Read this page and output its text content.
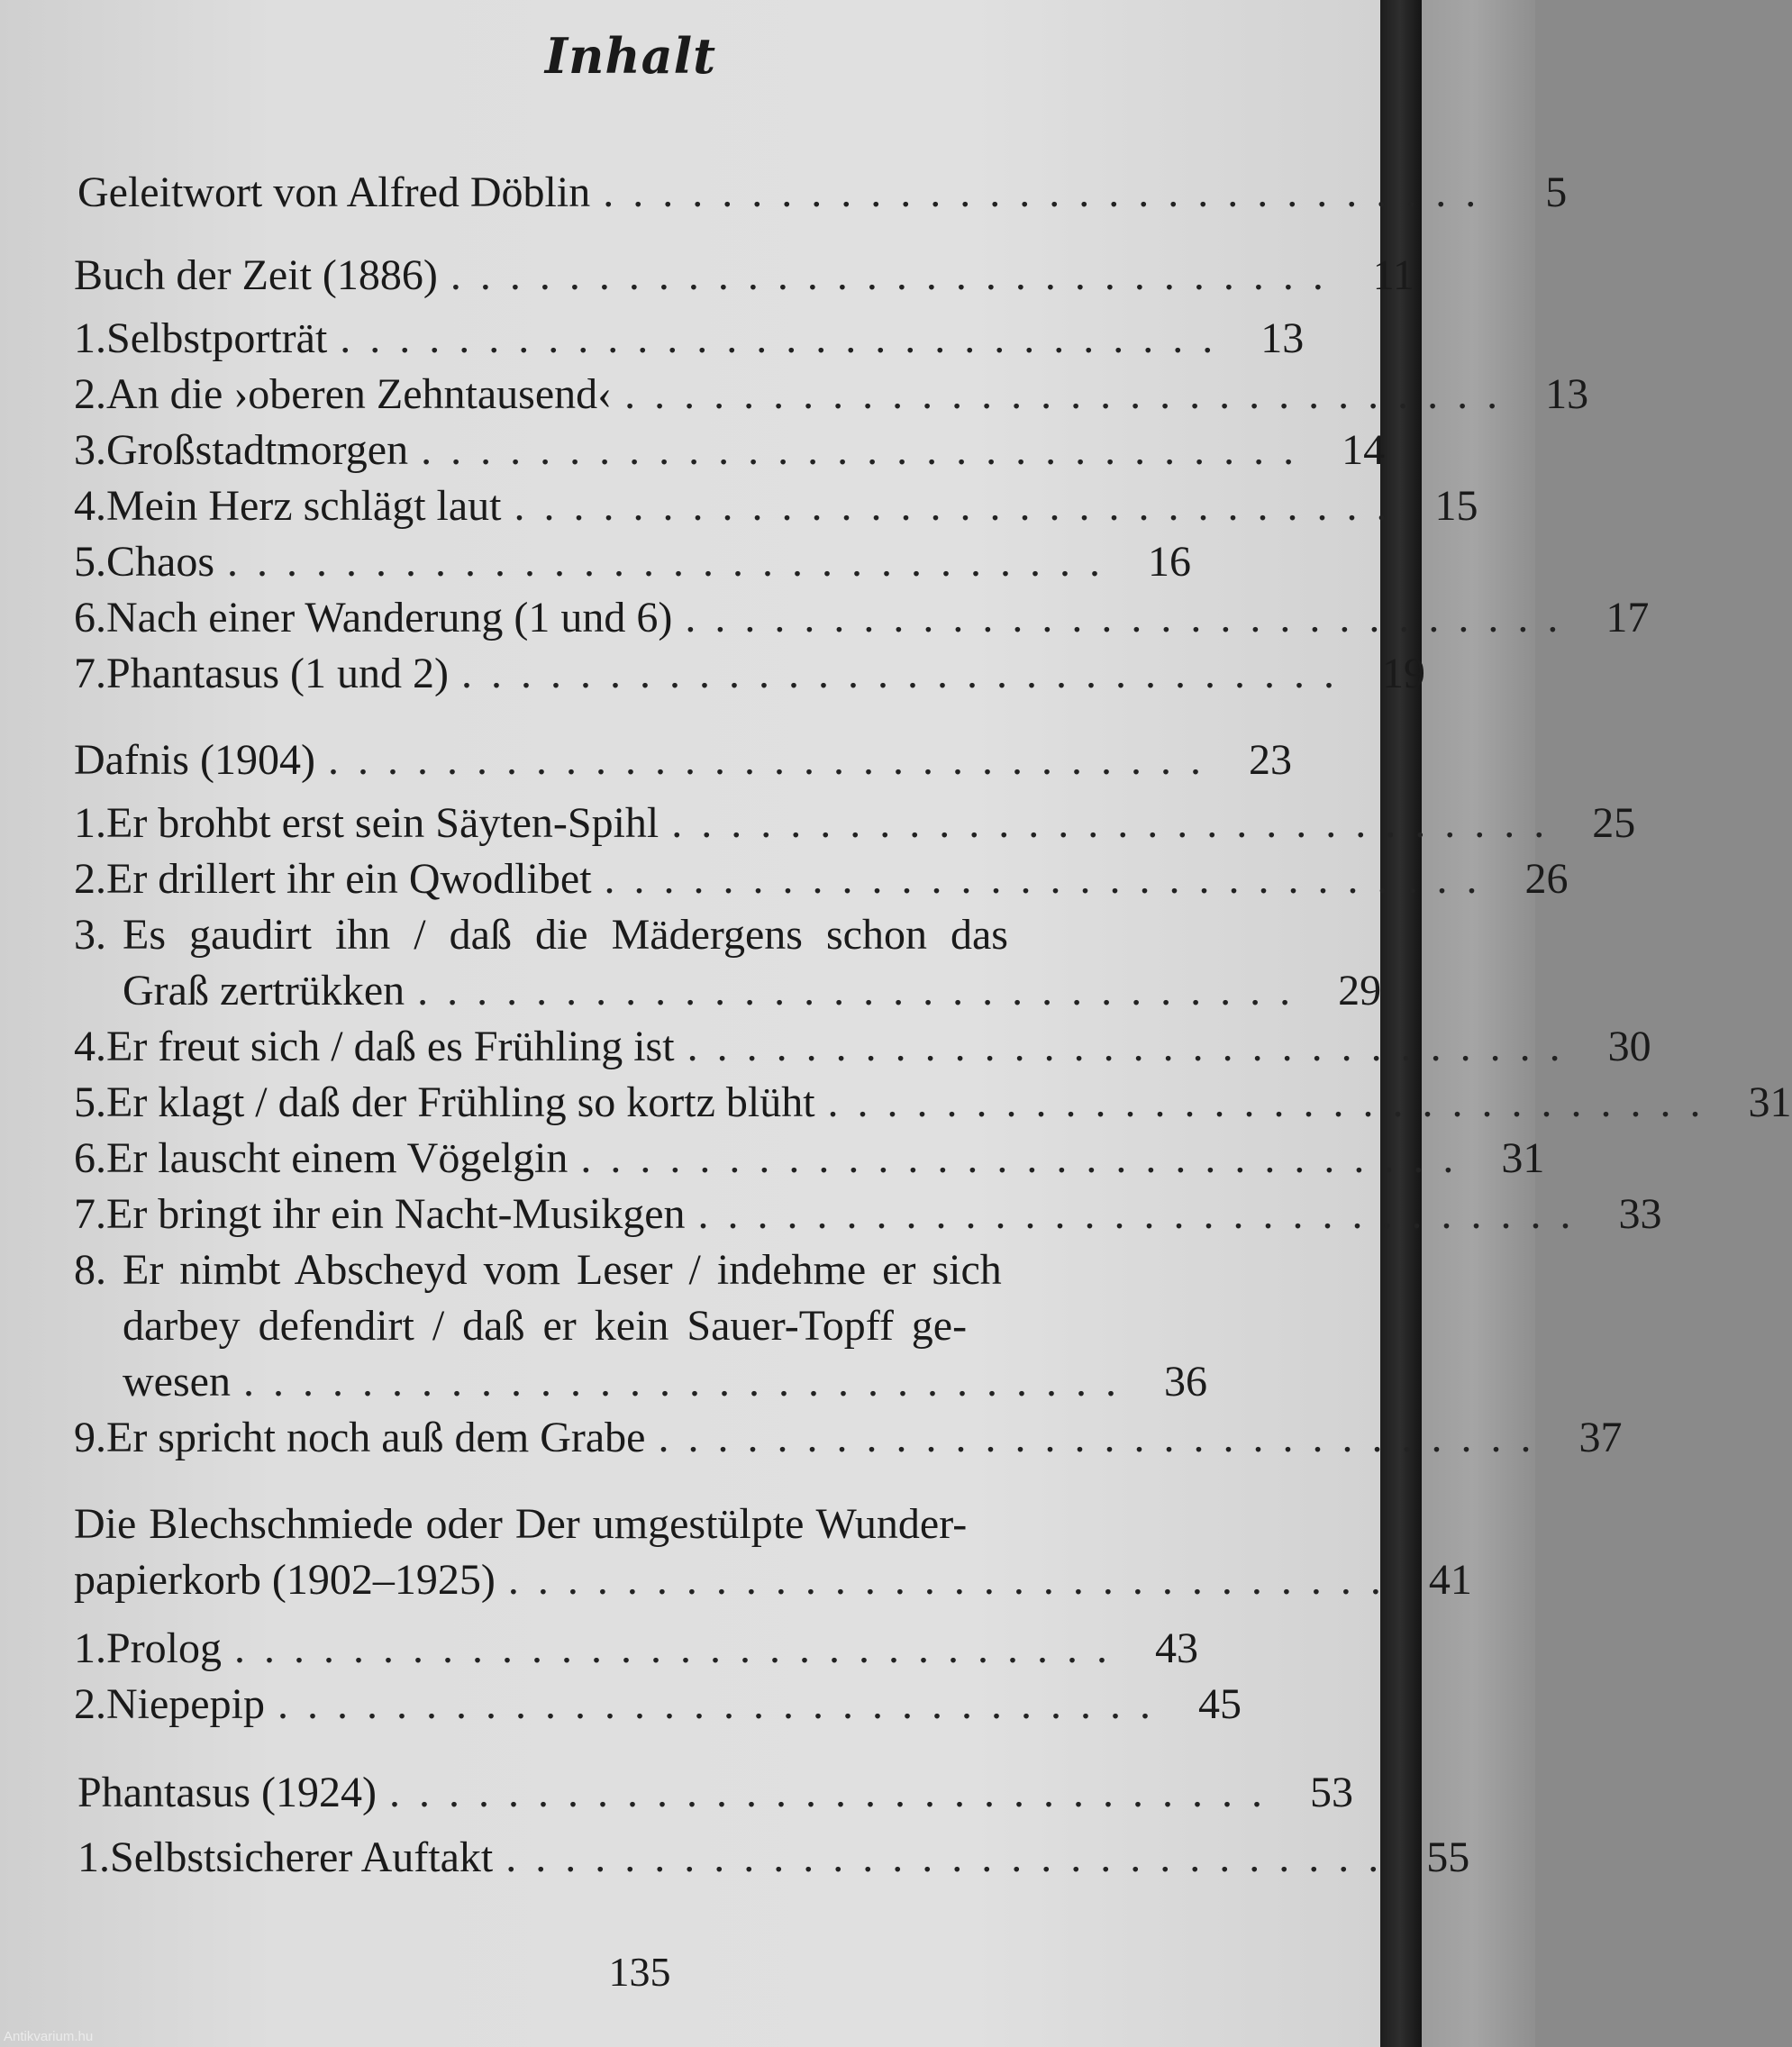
Inhalt
Geleitwort von Alfred Döblin ..............................	5
Buch der Zeit (1886) .............................. 11
1. Selbstporträt .............................. 13
2. An die ›oberen Zehntausend‹ .............................. 13
3. Großstadtmorgen .............................. 14
4. Mein Herz schlägt laut .............................. 15
5. Chaos .............................. 16
6. Nach einer Wanderung (1 und 6) .............................. 17
7. Phantasus (1 und 2) .............................. 19
Dafnis (1904) .............................. 23
1. Er brohbt erst sein Säyten-Spihl .............................. 25
2. Er drillert ihr ein Qwodlibet .............................. 26
3. Es gaudirt ihn / daß die Mädergens schon das
Graß zertrükken .............................. 29
4. Er freut sich / daß es Frühling ist .............................. 30
5. Er klagt / daß der Frühling so kortz blüht .............................. 31
6. Er lauscht einem Vögelgin .............................. 31
7. Er bringt ihr ein Nacht-Musikgen .............................. 33
8. Er nimbt Abscheyd vom Leser / indehme er sich
darbey defendirt / daß er kein Sauer-Topff ge-
wesen .............................. 36
9. Er spricht noch auß dem Grabe .............................. 37
Die Blechschmiede oder Der umgestülpte Wunder-
papierkorb (1902–1925) .............................. 41
1. Prolog .............................. 43
2. Niepepip .............................. 45
Phantasus (1924) .............................. 53
1. Selbstsicherer Auftakt .............................. 55
135
Antikvarium.hu
